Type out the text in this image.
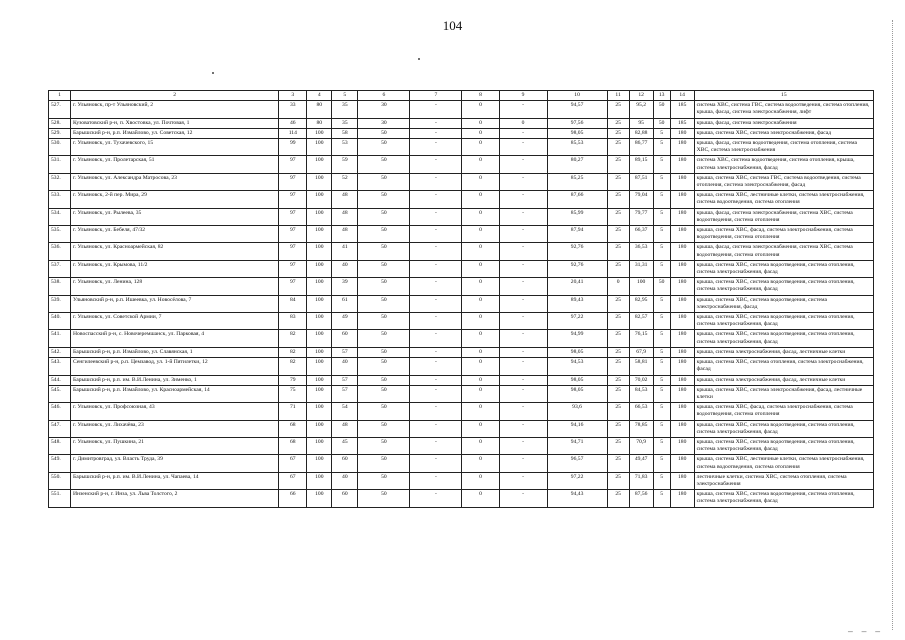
104
— — —
1	2	3	4	5	6	7	8	9	10	11	12	13	14	15
527.	г. Ульяновск, пр-т Ульяновский, 2	33	80	35	30	-	0	-	94,57	25	95,2	50	185	система ХВС, система ГВС, система водоотведения, система отопления, крыша, фасад, система электроснабжения, лифт
528.	Кузоватовский р-н, п. Хвостовка, ул. Почтовая, 1	46	80	35	30	-	0	0	97,56	25	95	50	185	крыша, фасад, система электроснабжения
529.	Барышский р-н, р.п. Измайлово, ул. Советская, 12	114	100	58	50	-	0	-	98,05	25	82,88	5	180	крыша, система ХВС, система электроснабжения, фасад
530.	г. Ульяновск, ул. Тухачевского, 15	99	100	53	50	-	0	-	85,53	25	86,77	5	180	крыша, фасад, система водоотведения, система отопления, система ХВС, система электроснабжения
531.	г. Ульяновск, ул. Пролетарская, 51	97	100	59	50	-	0	-	80,27	25	89,15	5	180	система ХВС, система водоотведения, система отопления, крыша, система электроснабжения, фасад
532.	г. Ульяновск, ул. Александра Матросова, 23	97	100	52	50	-	0	-	85,25	25	87,51	5	180	крыша, система ХВС, система ГВС, система водоотведения, система отопления, система электроснабжения, фасад
533.	г. Ульяновск, 2-й пер. Мира, 29	97	100	48	50	-	0	-	87,66	25	79,04	5	180	крыша, система ХВС, лестничные клетки, система электроснабжения, система водоотведения, система отопления
534.	г. Ульяновск, ул. Рылеева, 35	97	100	48	50	-	0	-	85,99	25	79,77	5	180	крыша, фасад, система электроснабжения, система ХВС, система водоотведения, система отопления
535.	г. Ульяновск, ул. Бебеля, 47/32	97	100	48	50	-	0	-	87,94	25	66,37	5	180	крыша, система ХВС, фасад, система электроснабжения, система водоотведения, система отопления
536.	г. Ульяновск, ул. Красноармейская, 82	97	100	41	50	-	0	-	92,76	25	36,53	5	180	крыша, фасад, система электроснабжения, система ХВС, система водоотведения, система отопления
537.	г. Ульяновск, ул. Крымова, 11/2	97	100	40	50	-	0	-	92,76	25	31,31	5	180	крыша, система ХВС, система водоотведения, система отопления, система электроснабжения, фасад
538.	г. Ульяновск, ул. Ленина, 128	97	100	39	50	-	0	-	20,41	0	100	50	180	крыша, система ХВС, система водоотведения, система отопления, система электроснабжения, фасад
539.	Ульяновский р-н, р.п. Ишеевка, ул. Новосёлова, 7	84	100	61	50	-	0	-	89,43	25	82,95	5	180	крыша, система ХВС, система водоотведения, система электроснабжения, фасад
540.	г. Ульяновск, ул. Советской Армии, 7	83	100	49	50	-	0	-	97,22	25	82,57	5	180	крыша, система ХВС, система водоотведения, система отопления, система электроснабжения, фасад
541.	Новоспасский р-н, с. Новочеремшанск, ул. Парковая, 4	82	100	60	50	-	0	-	94,99	25	76,15	5	180	крыша, система ХВС, система водоотведения, система отопления, система электроснабжения, фасад
542.	Барышский р-н, р.п. Измайлово, ул. Славянская, 1	82	100	57	50	-	0	-	98,05	25	67,9	5	180	крыша, система электроснабжения, фасад, лестничные клетки
543.	Сенгилеевский р-н, р.п. Цемзавод, ул. 1-й Пятилетки, 12	82	100	40	50	-	0	-	94,53	25	58,81	5	180	крыша, система ХВС, система отопления, система электроснабжения, фасад
544.	Барышский р-н, р.п. им. В.И.Ленина, ул. Зименко, 1	79	100	57	50	-	0	-	98,05	25	70,02	5	180	крыша, система электроснабжения, фасад, лестничные клетки
545.	Барышский р-н, р.п. Измайлово, ул. Красноармейская, 14	75	100	57	50	-	0	-	98,05	25	84,53	5	180	крыша, система ХВС, система электроснабжения, фасад, лестничные клетки
546.	г. Ульяновск, ул. Профсоюзная, 43	71	100	54	50	-	0	-	93,6	25	66,53	5	180	крыша, система ХВС, фасад, система электроснабжения, система водоотведения, система отопления
547.	г. Ульяновск, ул. Лихачёва, 23	68	100	48	50	-	0	-	94,16	25	78,85	5	180	крыша, система ХВС, система водоотведения, система отопления, система электроснабжения, фасад
548.	г. Ульяновск, ул. Пушкина, 21	68	100	45	50	-	0	-	94,71	25	70,9	5	180	крыша, система ХВС, система водоотведения, система отопления, система электроснабжения, фасад
549.	г. Димитровград, ул. Власть Труда, 39	67	100	60	50	-	0	-	96,57	25	49,47	5	180	крыша, система ХВС, лестничные клетки, система электроснабжения, система водоотведения, система отопления
550.	Барышский р-н, р.п. им. В.И.Ленина, ул. Чапаева, 14	67	100	40	50	-	0	-	97,22	25	71,83	5	180	лестничные клетки, система ХВС, система отопления, система электроснабжения
551.	Инзенский р-н, г. Инза, ул. Льва Толстого, 2	66	100	60	50	-	0	-	94,43	25	87,56	5	180	крыша, система ХВС, система водоотведения, система отопления, система электроснабжения, фасад
